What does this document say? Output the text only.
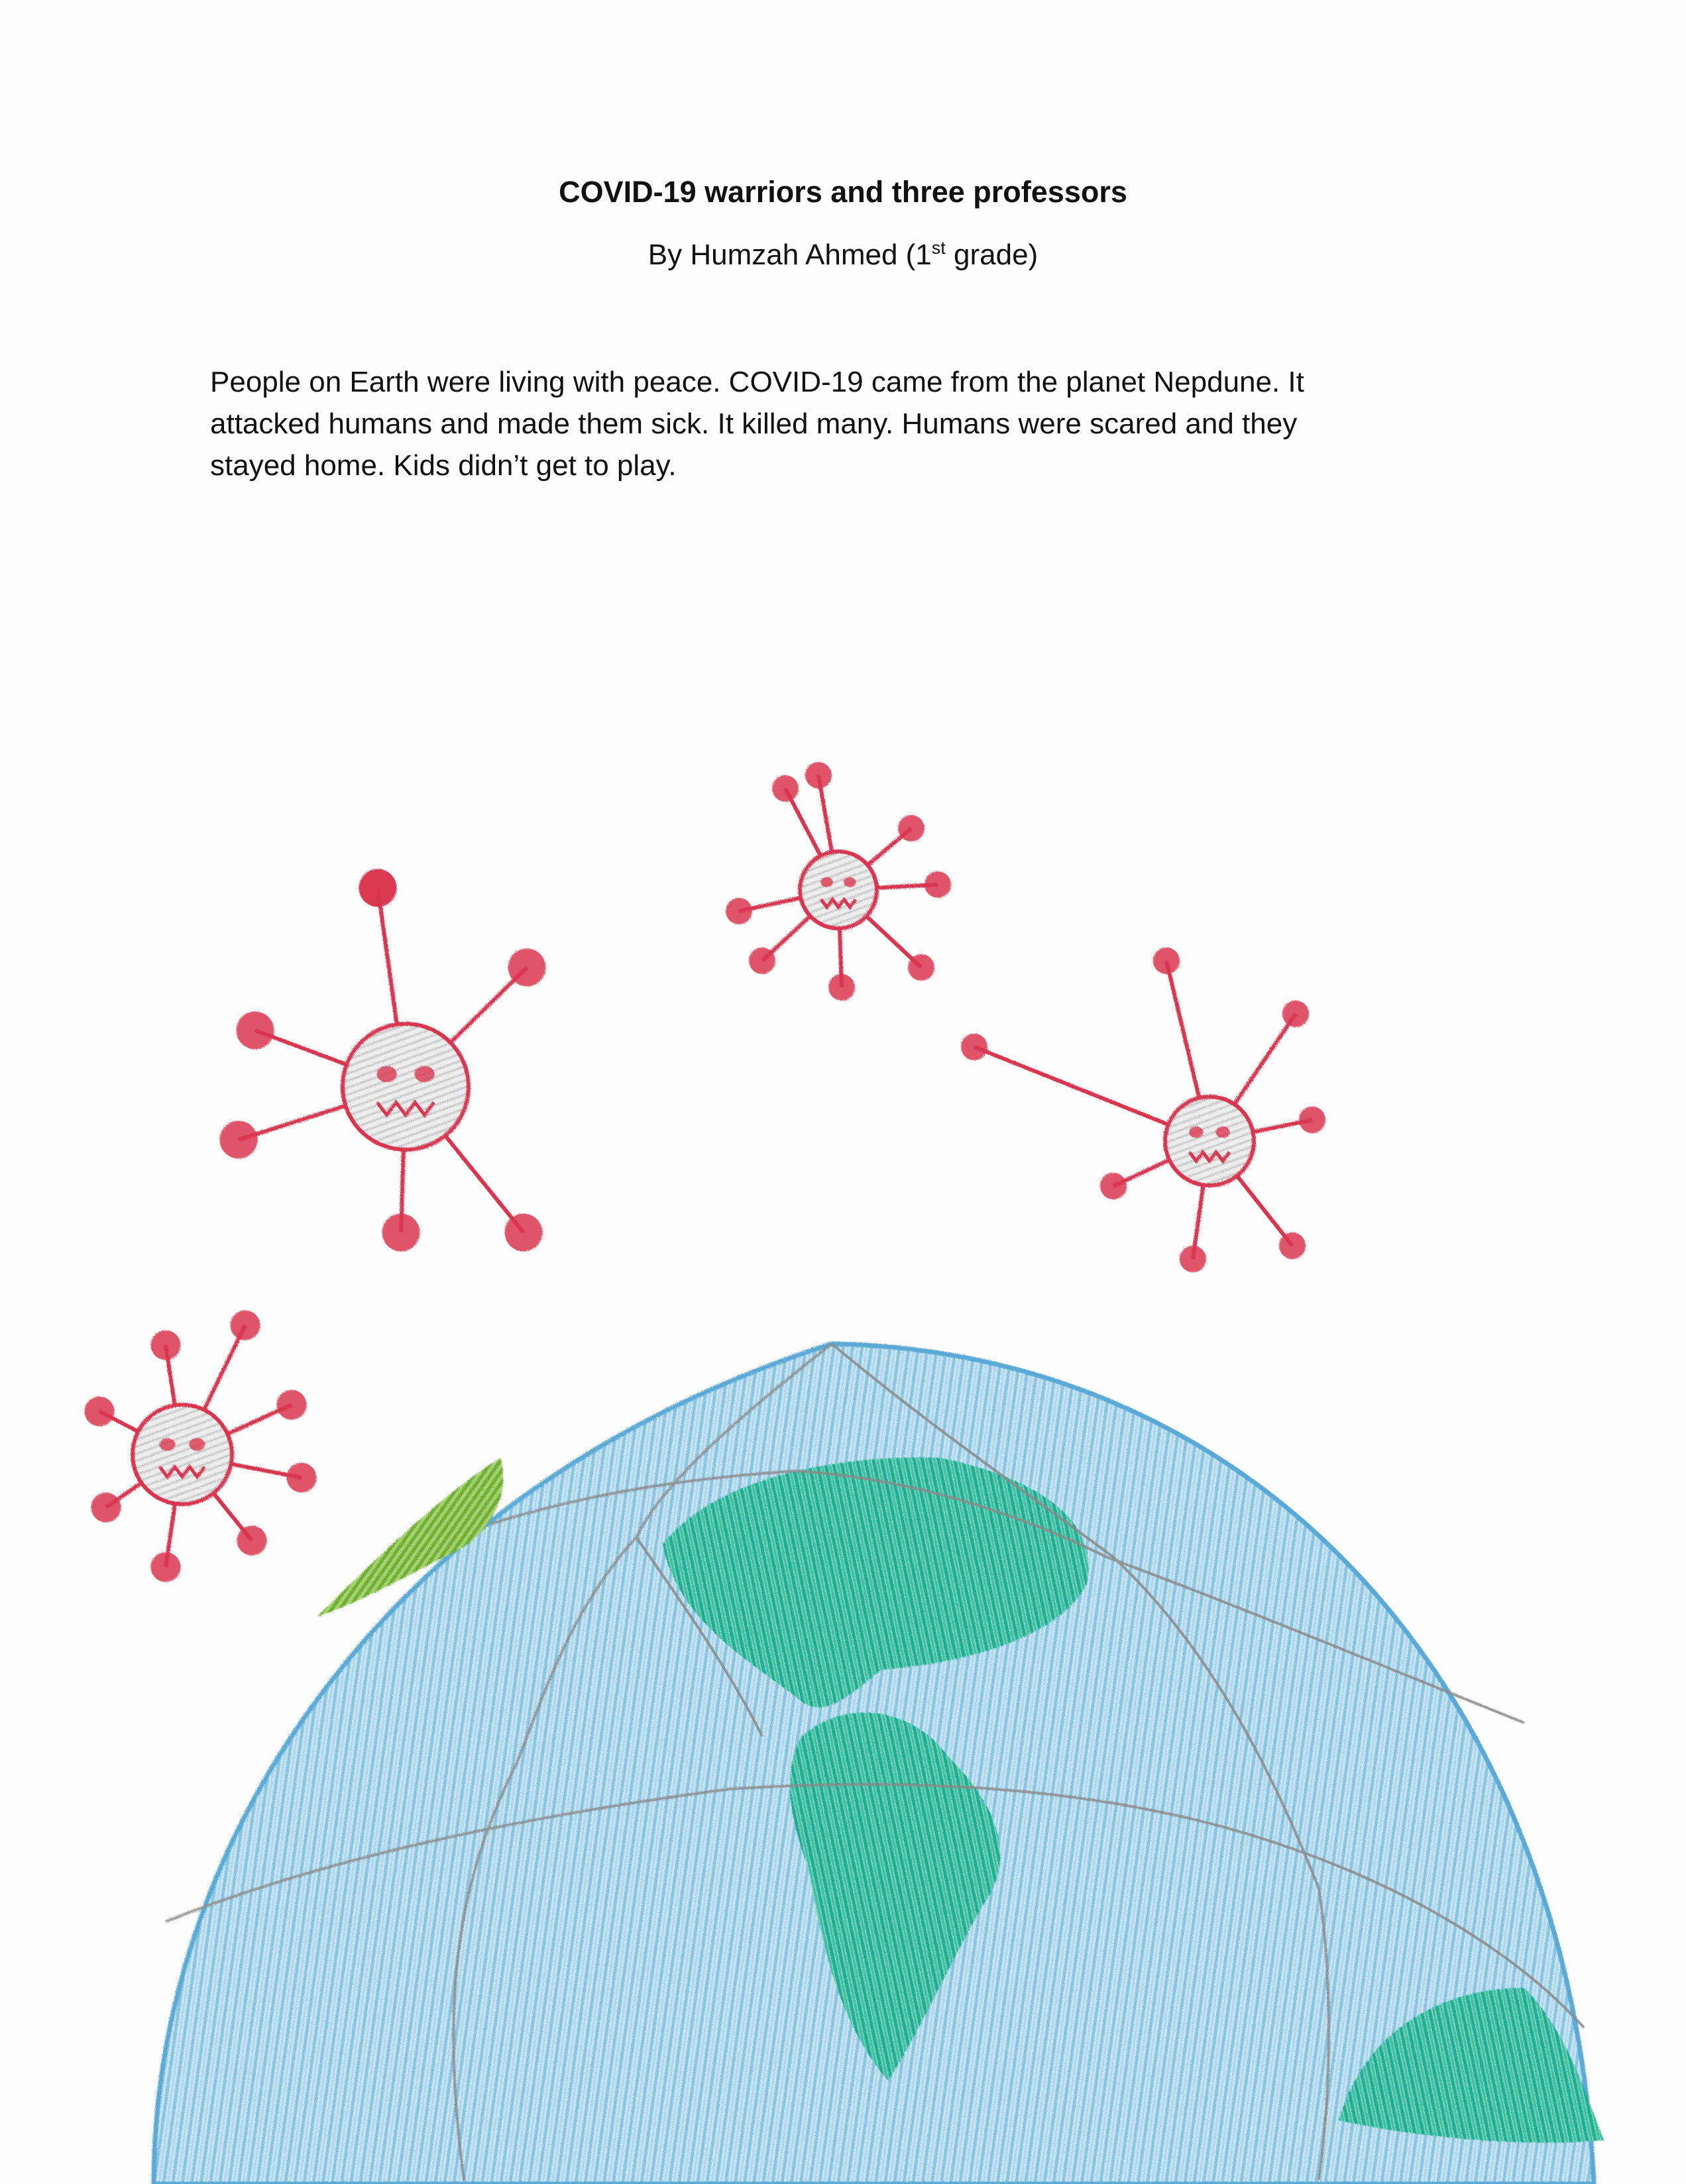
COVID-19 warriors and three professors
By Humzah Ahmed (1st grade)
People on Earth were living with peace. COVID-19 came from the planet Nepdune. It
attacked humans and made them sick. It killed many. Humans were scared and they
stayed home. Kids didn’t get to play.
